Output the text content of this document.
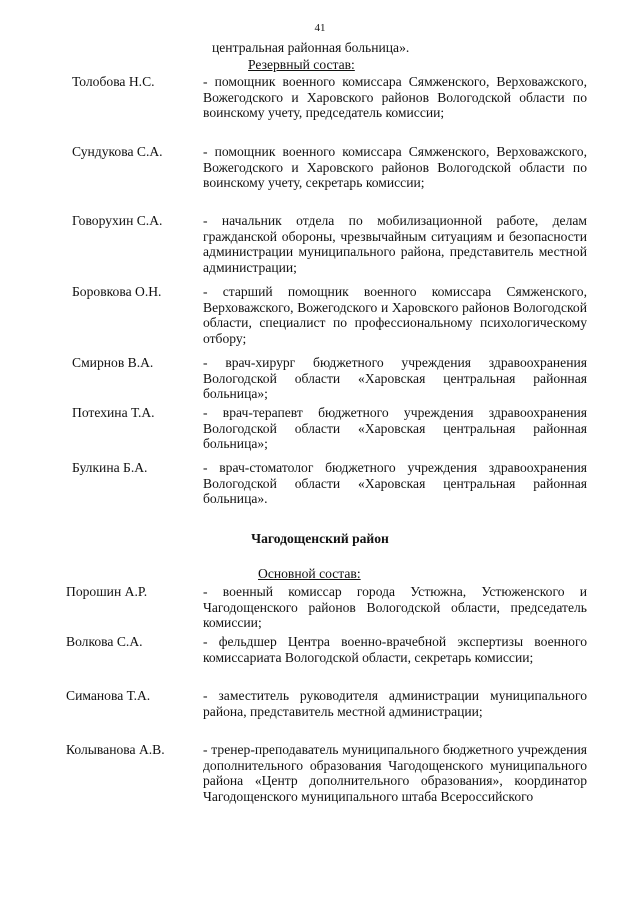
41
центральная районная больница».
Резервный состав:
Толобова Н.С.	- помощник военного комиссара Сямженского, Верховажского, Вожегодского и Харовского районов Вологодской области по воинскому учету, председатель комиссии;
Сундукова С.А.	- помощник военного комиссара Сямженского, Верховажского, Вожегодского и Харовского районов Вологодской области по воинскому учету, секретарь комиссии;
Говорухин С.А.	- начальник отдела по мобилизационной работе, делам гражданской обороны, чрезвычайным ситуациям и безопасности администрации муниципального района, представитель местной администрации;
Боровкова О.Н.	- старший помощник военного комиссара Сямженского, Верховажского, Вожегодского и Харовского районов Вологодской области, специалист по профессиональному психологическому отбору;
Смирнов В.А.	- врач-хирург бюджетного учреждения здравоохранения Вологодской области «Харовская центральная районная больница»;
Потехина Т.А.	- врач-терапевт бюджетного учреждения здравоохранения Вологодской области «Харовская центральная районная больница»;
Булкина Б.А.	- врач-стоматолог бюджетного учреждения здравоохранения Вологодской области «Харовская центральная районная больница».
Чагодощенский район
Основной состав:
Порошин А.Р.	- военный комиссар города Устюжна, Устюженского и Чагодощенского районов Вологодской области, председатель комиссии;
Волкова С.А.	- фельдшер Центра военно-врачебной экспертизы военного комиссариата Вологодской области, секретарь комиссии;
Симанова Т.А.	- заместитель руководителя администрации муниципального района, представитель местной администрации;
Колыванова А.В.	- тренер-преподаватель муниципального бюджетного учреждения дополнительного образования Чагодощенского муниципального района «Центр дополнительного образования», координатор Чагодощенского муниципального штаба Всероссийского
